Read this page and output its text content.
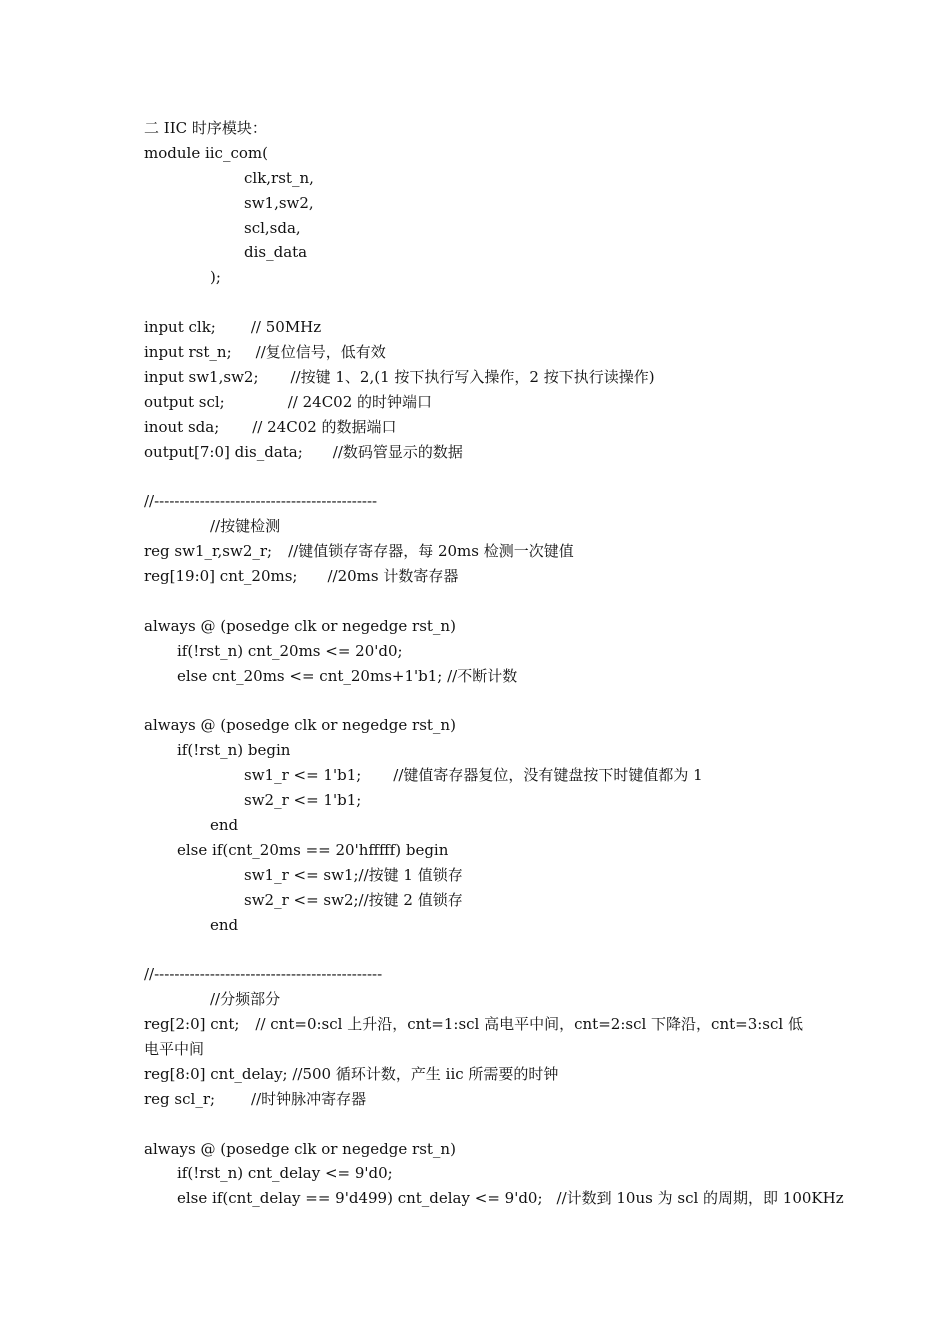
二 IIC 时序模块：
module iic_com(
clk,rst_n,
sw1,sw2,
scl,sda,
dis_data
);
input clk; // 50MHz
input rst_n; //复位信号，低有效
input sw1,sw2; //按键 1、2,(1 按下执行写入操作，2 按下执行读操作)
output scl;	// 24C02 的时钟端口
inout sda; // 24C02 的数据端口
output[7:0] dis_data; //数码管显示的数据
//--------------------------------------------
//按键检测
reg sw1_r,sw2_r; //键值锁存寄存器，每 20ms 检测一次键值
reg[19:0] cnt_20ms; //20ms 计数寄存器
always @ (posedge clk or negedge rst_n)
if(!rst_n) cnt_20ms <= 20'd0;
else cnt_20ms <= cnt_20ms+1'b1; //不断计数
always @ (posedge clk or negedge rst_n)
if(!rst_n) begin
sw1_r <= 1'b1; //键值寄存器复位，没有键盘按下时键值都为 1
sw2_r <= 1'b1;
end
else if(cnt_20ms == 20'hfffff) begin
sw1_r <= sw1;//按键 1 值锁存
sw2_r <= sw2;//按键 2 值锁存
end
//---------------------------------------------
//分频部分
reg[2:0] cnt; // cnt=0:scl 上升沿，cnt=1:scl 高电平中间，cnt=2:scl 下降沿，cnt=3:scl 低电平中间
reg[8:0] cnt_delay; //500 循环计数，产生 iic 所需要的时钟
reg scl_r; //时钟脉冲寄存器
always @ (posedge clk or negedge rst_n)
if(!rst_n) cnt_delay <= 9'd0;
else if(cnt_delay == 9'd499) cnt_delay <= 9'd0; //计数到 10us 为 scl 的周期，即 100KHz
